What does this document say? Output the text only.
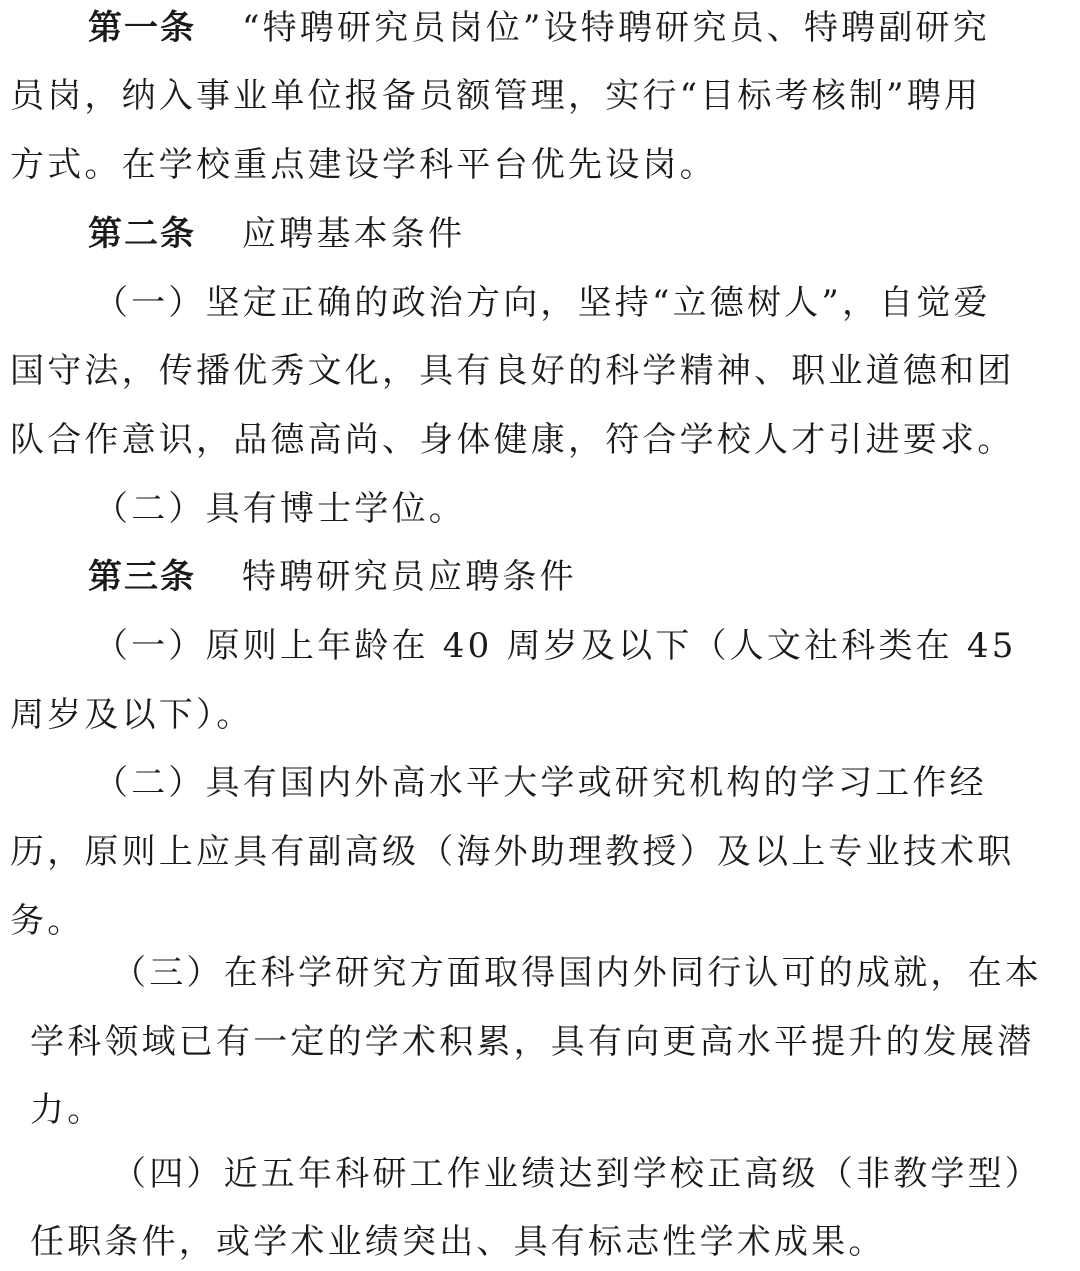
第一条 “特聘研究员岗位”设特聘研究员、特聘副研究
员岗，纳入事业单位报备员额管理，实行“目标考核制”聘用
方式。在学校重点建设学科平台优先设岗。
第二条 应聘基本条件
（一）坚定正确的政治方向，坚持“立德树人”，自觉爱
国守法，传播优秀文化，具有良好的科学精神、职业道德和团
队合作意识，品德高尚、身体健康，符合学校人才引进要求。
（二）具有博士学位。
第三条 特聘研究员应聘条件
（一）原则上年龄在 40 周岁及以下（人文社科类在 45
周岁及以下）。
（二）具有国内外高水平大学或研究机构的学习工作经
历，原则上应具有副高级（海外助理教授）及以上专业技术职
务。
（三）在科学研究方面取得国内外同行认可的成就，在本
学科领域已有一定的学术积累，具有向更高水平提升的发展潜
力。
（四）近五年科研工作业绩达到学校正高级（非教学型）
任职条件，或学术业绩突出、具有标志性学术成果。
